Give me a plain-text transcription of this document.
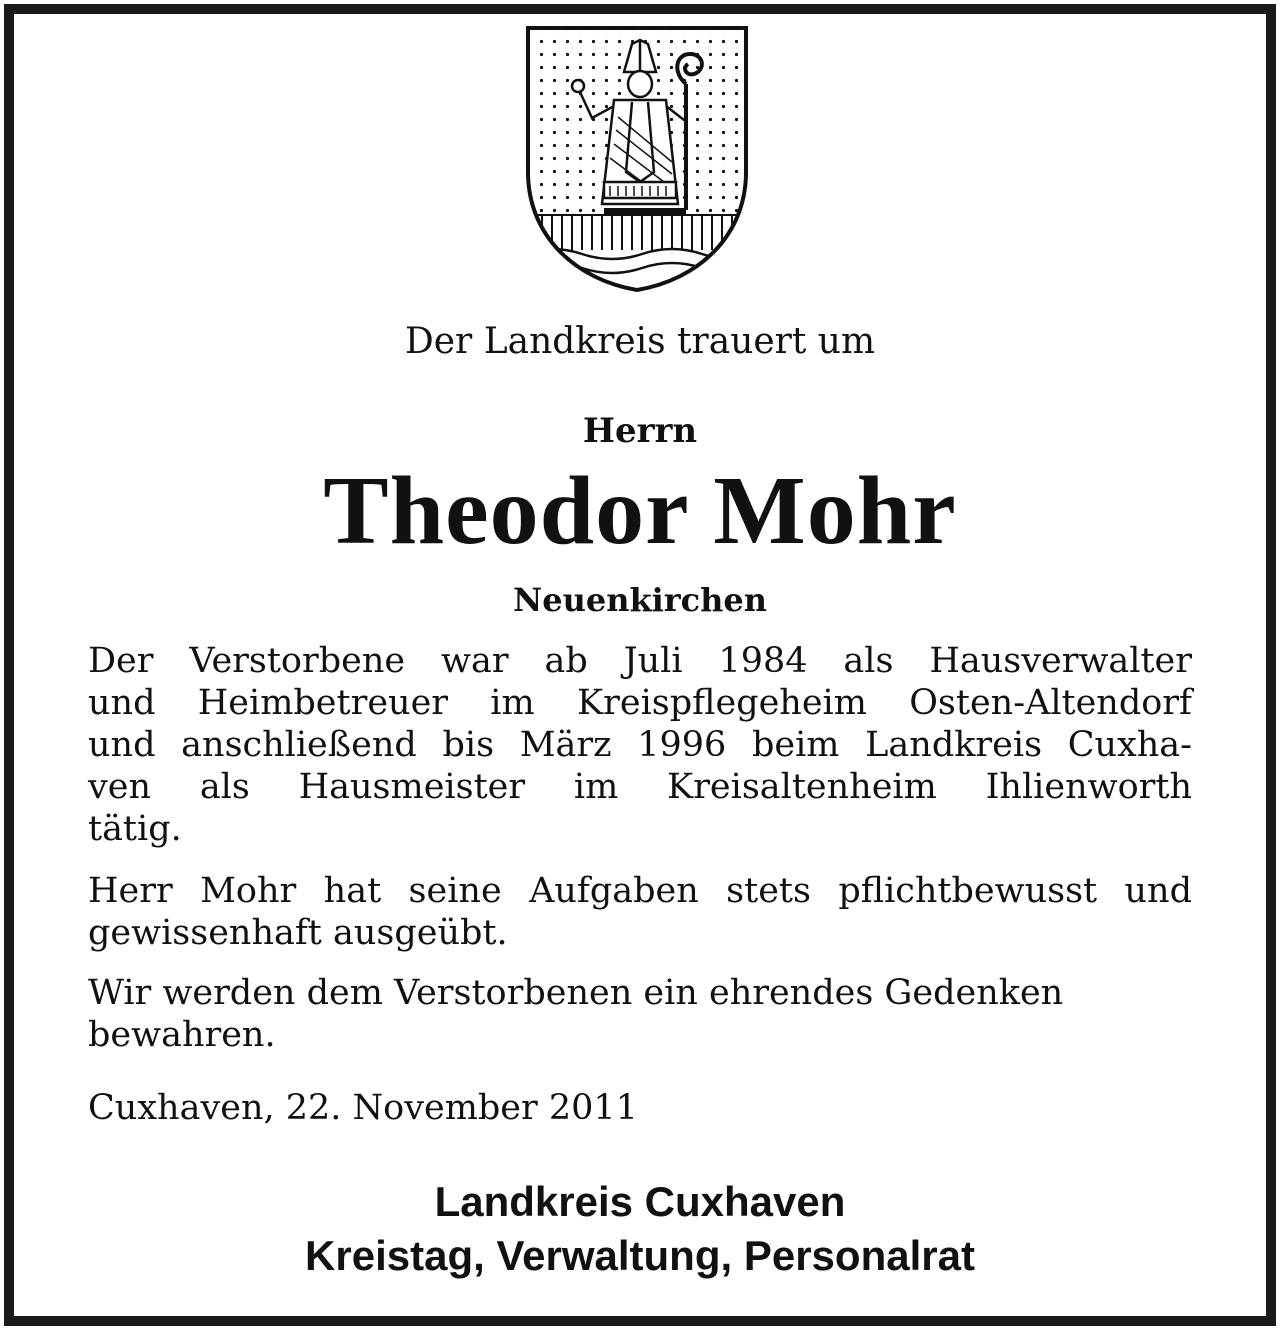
Der Landkreis trauert um
Herrn
Theodor Mohr
Neuenkirchen
Der Verstorbene war ab Juli 1984 als Hausverwalter
und Heimbetreuer im Kreispflegeheim Osten-Altendorf
und anschließend bis März 1996 beim Landkreis Cuxha-
ven als Hausmeister im Kreisaltenheim Ihlienworth
tätig.
Herr Mohr hat seine Aufgaben stets pflichtbewusst und
gewissenhaft ausgeübt.
Wir werden dem Verstorbenen ein ehrendes Gedenken
bewahren.
Cuxhaven, 22. November 2011
Landkreis Cuxhaven
Kreistag, Verwaltung, Personalrat
